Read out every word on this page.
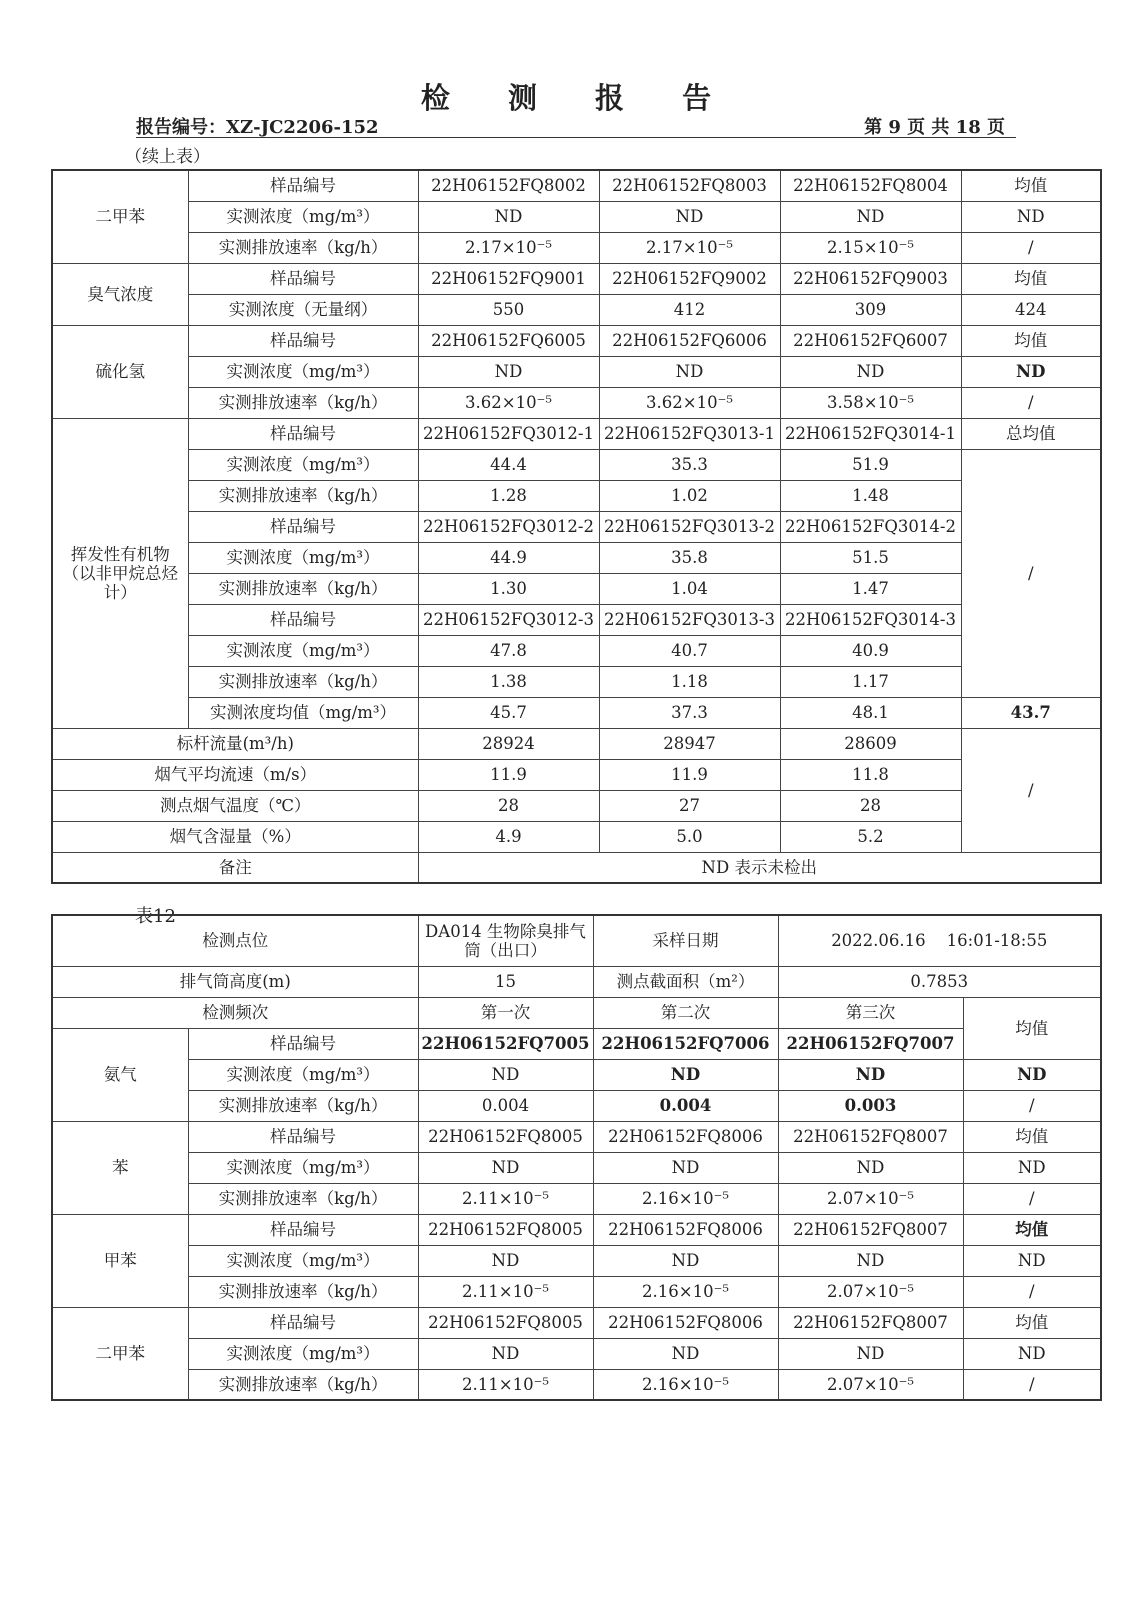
检 测 报 告
报告编号：XZ-JC2206-152	第 9 页 共 18 页
（续上表）
二甲苯	样品编号	22H06152FQ8002	22H06152FQ8003	22H06152FQ8004	均值
	实测浓度（mg/m³）	ND	ND	ND	ND
	实测排放速率（kg/h）	2.17×10⁻⁵	2.17×10⁻⁵	2.15×10⁻⁵	/
臭气浓度	样品编号	22H06152FQ9001	22H06152FQ9002	22H06152FQ9003	均值
	实测浓度（无量纲）	550	412	309	424
硫化氢	样品编号	22H06152FQ6005	22H06152FQ6006	22H06152FQ6007	均值
	实测浓度（mg/m³）	ND	ND	ND	ND
	实测排放速率（kg/h）	3.62×10⁻⁵	3.62×10⁻⁵	3.58×10⁻⁵	/
挥发性有机物（以非甲烷总烃计）	样品编号	22H06152FQ3012-1	22H06152FQ3013-1	22H06152FQ3014-1	总均值
	实测浓度（mg/m³）	44.4	35.3	51.9	/
	实测排放速率（kg/h）	1.28	1.02	1.48	
	样品编号	22H06152FQ3012-2	22H06152FQ3013-2	22H06152FQ3014-2	
	实测浓度（mg/m³）	44.9	35.8	51.5	
	实测排放速率（kg/h）	1.30	1.04	1.47	
	样品编号	22H06152FQ3012-3	22H06152FQ3013-3	22H06152FQ3014-3	
	实测浓度（mg/m³）	47.8	40.7	40.9	
	实测排放速率（kg/h）	1.38	1.18	1.17	
	实测浓度均值（mg/m³）	45.7	37.3	48.1	43.7
标杆流量(m³/h)		28924	28947	28609	/
烟气平均流速（m/s）		11.9	11.9	11.8	
测点烟气温度（℃）		28	27	28	
烟气含湿量（%）		4.9	5.0	5.2	
备注		ND 表示未检出			
表12
检测点位		DA014 生物除臭排气筒（出口）	采样日期	2022.06.16    16:01-18:55	
排气筒高度(m)		15	测点截面积（m²）	0.7853	
检测频次		第一次	第二次	第三次	均值
氨气	样品编号	22H06152FQ7005	22H06152FQ7006	22H06152FQ7007	
	实测浓度（mg/m³）	ND	ND	ND	ND
	实测排放速率（kg/h）	0.004	0.004	0.003	/
苯	样品编号	22H06152FQ8005	22H06152FQ8006	22H06152FQ8007	均值
	实测浓度（mg/m³）	ND	ND	ND	ND
	实测排放速率（kg/h）	2.11×10⁻⁵	2.16×10⁻⁵	2.07×10⁻⁵	/
甲苯	样品编号	22H06152FQ8005	22H06152FQ8006	22H06152FQ8007	均值
	实测浓度（mg/m³）	ND	ND	ND	ND
	实测排放速率（kg/h）	2.11×10⁻⁵	2.16×10⁻⁵	2.07×10⁻⁵	/
二甲苯	样品编号	22H06152FQ8005	22H06152FQ8006	22H06152FQ8007	均值
	实测浓度（mg/m³）	ND	ND	ND	ND
	实测排放速率（kg/h）	2.11×10⁻⁵	2.16×10⁻⁵	2.07×10⁻⁵	/
